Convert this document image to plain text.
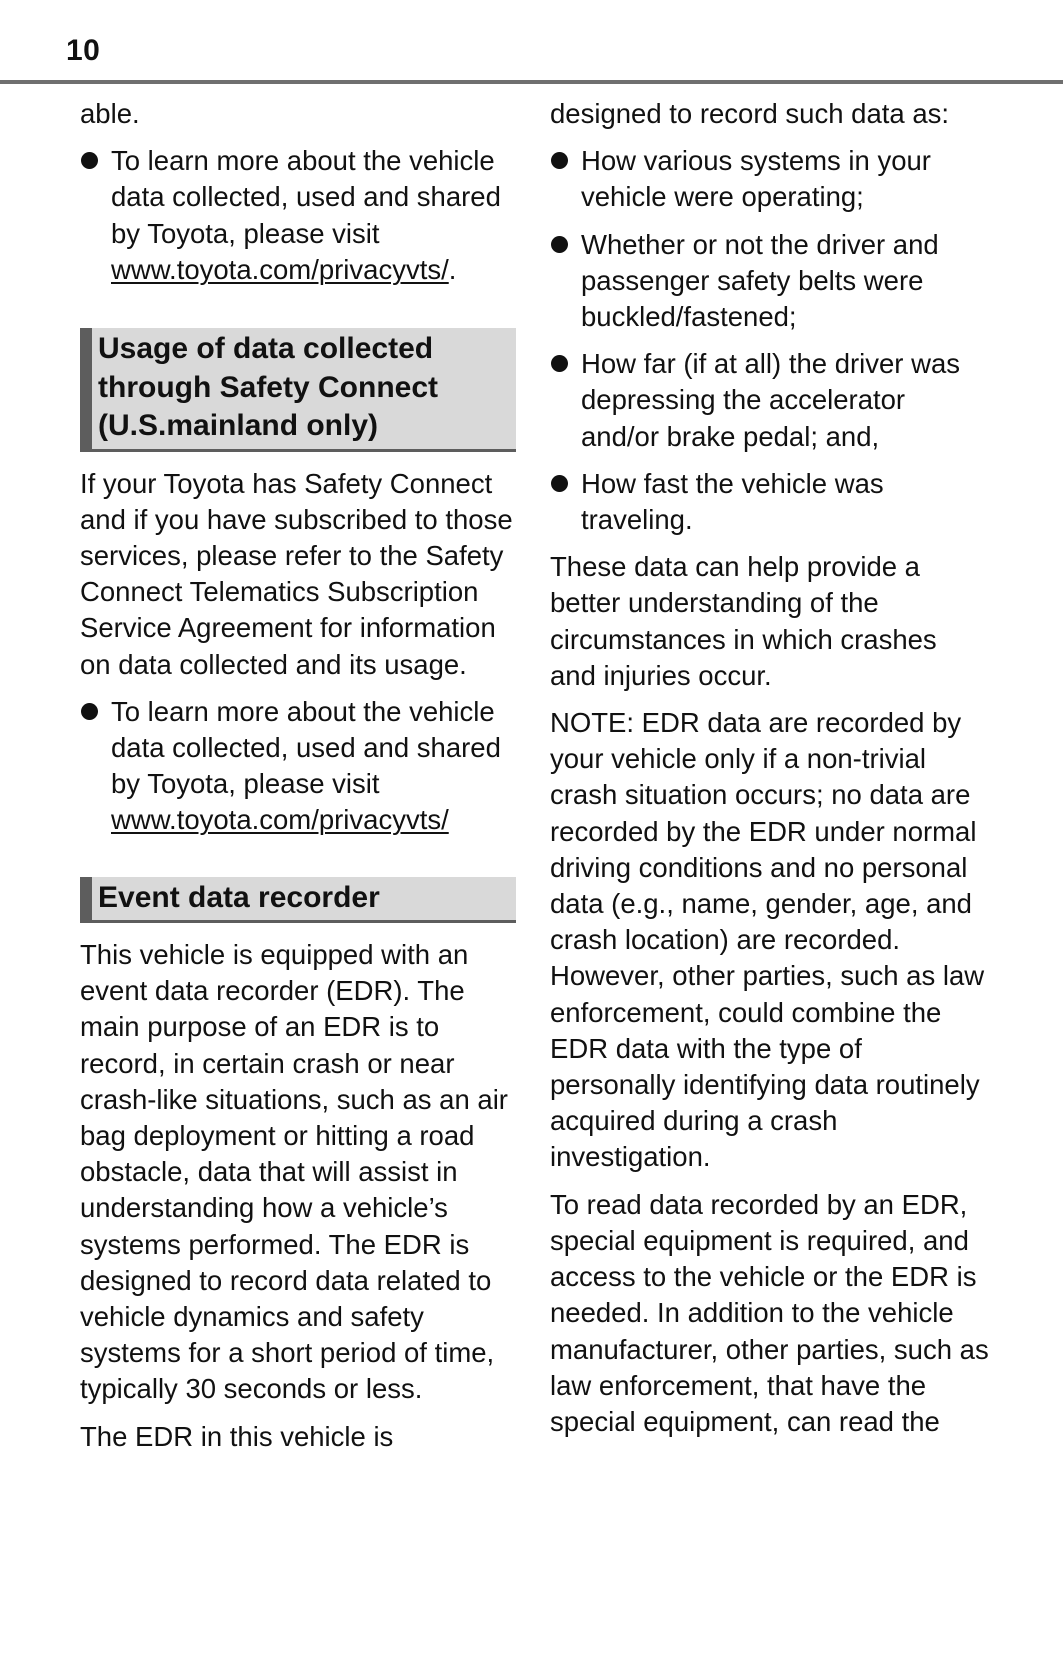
10

able.

To learn more about the vehicle data collected, used and shared by Toyota, please visit www.toyota.com/privacyvts/.
Usage of data collected through Safety Connect (U.S.mainland only)

If your Toyota has Safety Connect and if you have subscribed to those services, please refer to the Safety Connect Telematics Subscription Service Agreement for information on data collected and its usage.

To learn more about the vehicle data collected, used and shared by Toyota, please visit www.toyota.com/privacyvts/
Event data recorder

This vehicle is equipped with an event data recorder (EDR). The main purpose of an EDR is to record, in certain crash or near crash-like situations, such as an air bag deployment or hitting a road obstacle, data that will assist in understanding how a vehicle’s systems performed. The EDR is designed to record data related to vehicle dynamics and safety systems for a short period of time, typically 30 seconds or less.

The EDR in this vehicle is

designed to record such data as:

How various systems in your vehicle were operating;
Whether or not the driver and passenger safety belts were buckled/fastened;
How far (if at all) the driver was depressing the accelerator and/or brake pedal; and,
How fast the vehicle was traveling.

These data can help provide a better understanding of the circumstances in which crashes and injuries occur.

NOTE: EDR data are recorded by your vehicle only if a non-trivial crash situation occurs; no data are recorded by the EDR under normal driving conditions and no personal data (e.g., name, gender, age, and crash location) are recorded. However, other parties, such as law enforcement, could combine the EDR data with the type of personally identifying data routinely acquired during a crash investigation.

To read data recorded by an EDR, special equipment is required, and access to the vehicle or the EDR is needed. In addition to the vehicle manufacturer, other parties, such as law enforcement, that have the special equipment, can read the
